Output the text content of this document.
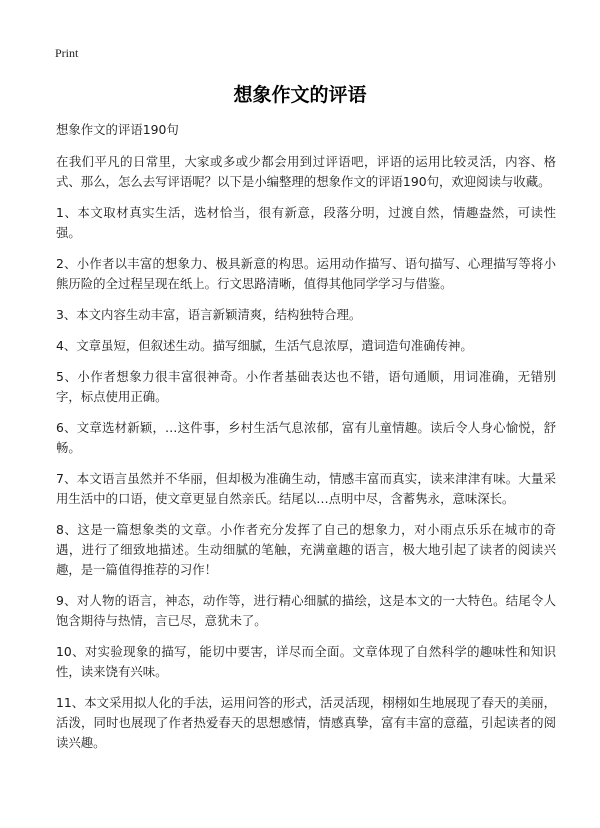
Print
想象作文的评语

想象作文的评语190句

在我们平凡的日常里，大家或多或少都会用到过评语吧，评语的运用比较灵活，内容、格式、那么，怎么去写评语呢？以下是小编整理的想象作文的评语190句，欢迎阅读与收藏。

1、本文取材真实生活，选材恰当，很有新意，段落分明，过渡自然，情趣盎然，可读性强。

2、小作者以丰富的想象力、极具新意的构思。运用动作描写、语句描写、心理描写等将小熊历险的全过程呈现在纸上。行文思路清晰，值得其他同学学习与借鉴。

3、本文内容生动丰富，语言新颖清爽，结构独特合理。

4、文章虽短，但叙述生动。描写细腻，生活气息浓厚，遣词造句准确传神。

5、小作者想象力很丰富很神奇。小作者基础表达也不错，语句通顺，用词准确，无错别字，标点使用正确。

6、文章选材新颖，…这件事，乡村生活气息浓郁，富有儿童情趣。读后令人身心愉悦，舒畅。

7、本文语言虽然并不华丽，但却极为准确生动，情感丰富而真实，读来津津有味。大量采用生活中的口语，使文章更显自然亲氏。结尾以…点明中尽，含蓄隽永，意味深长。

8、这是一篇想象类的文章。小作者充分发挥了自己的想象力，对小雨点乐乐在城市的奇遇，进行了细致地描述。生动细腻的笔触，充满童趣的语言，极大地引起了读者的阅读兴趣，是一篇值得推荐的习作！

9、对人物的语言，神态，动作等，进行精心细腻的描绘，这是本文的一大特色。结尾令人饱含期待与热情，言已尽，意犹未了。

10、对实验现象的描写，能切中要害，详尽而全面。文章体现了自然科学的趣味性和知识性，读来饶有兴味。

11、本文采用拟人化的手法，运用问答的形式，活灵活现，栩栩如生地展现了春天的美丽，活泼，同时也展现了作者热爱春天的思想感情，情感真挚，富有丰富的意蕴，引起读者的阅读兴趣。
